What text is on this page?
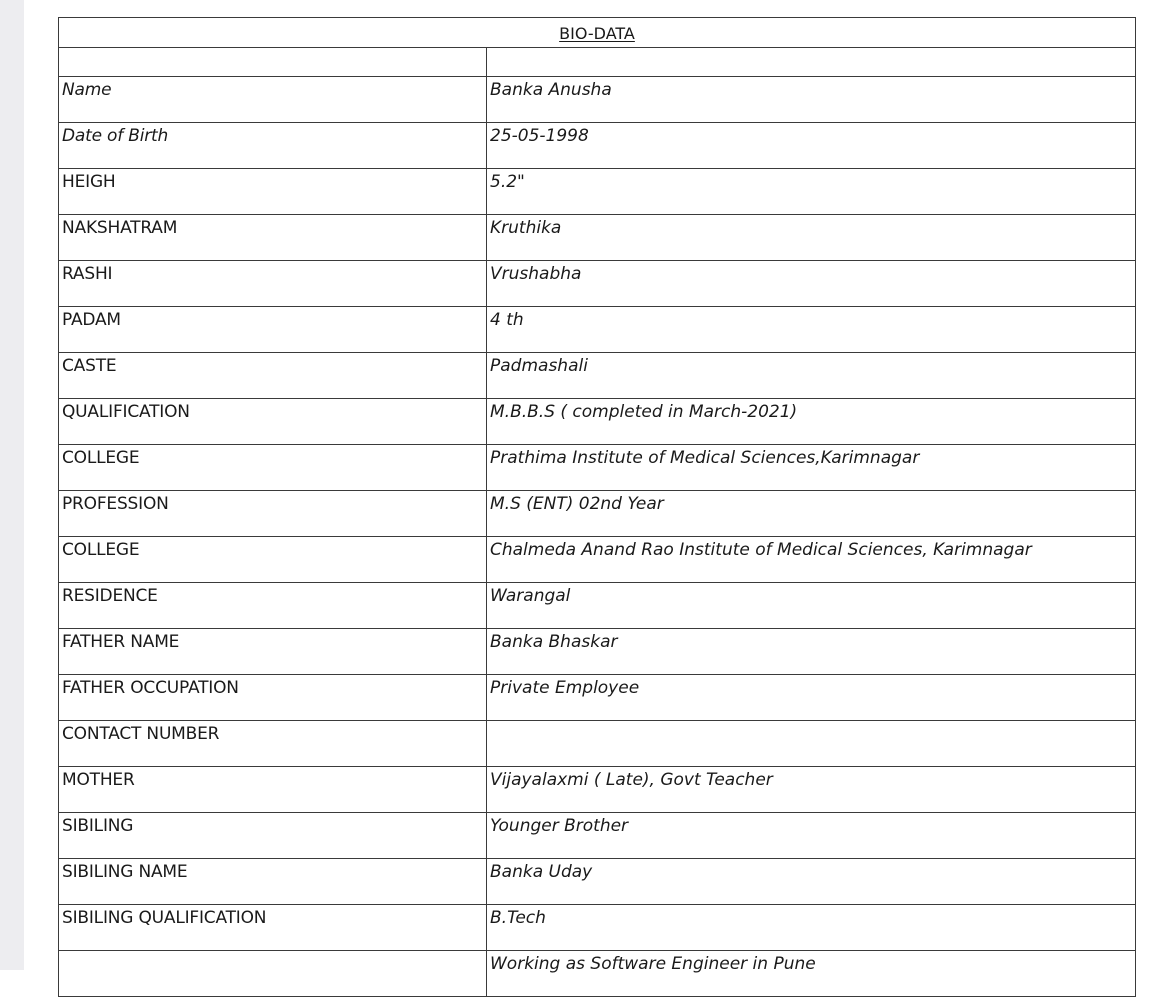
BIO-DATA	

Name	Banka Anusha
Date of Birth	25-05-1998
HEIGH	5.2"
NAKSHATRAM	Kruthika
RASHI	Vrushabha
PADAM	4 th
CASTE	Padmashali
QUALIFICATION	M.B.B.S ( completed in March-2021)
COLLEGE	Prathima Institute of Medical Sciences,Karimnagar
PROFESSION	M.S (ENT) 02nd Year
COLLEGE	Chalmeda Anand Rao Institute of Medical Sciences, Karimnagar
RESIDENCE	Warangal
FATHER NAME	Banka Bhaskar
FATHER OCCUPATION	Private Employee
CONTACT NUMBER	
MOTHER	Vijayalaxmi ( Late), Govt Teacher
SIBILING	Younger Brother
SIBILING NAME	Banka Uday
SIBILING QUALIFICATION	B.Tech
	Working as Software Engineer in Pune
